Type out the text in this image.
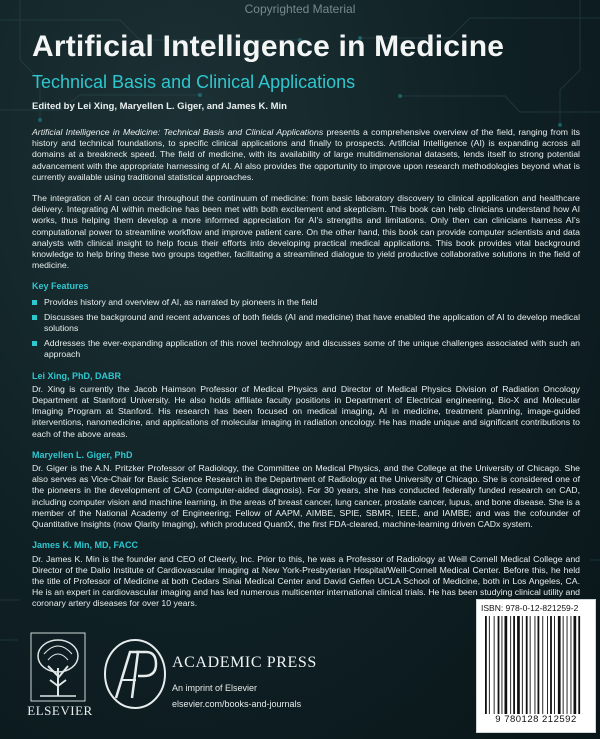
Copyrighted Material
Artificial Intelligence in Medicine
Technical Basis and Clinical Applications
Edited by Lei Xing, Maryellen L. Giger, and James K. Min

Artificial Intelligence in Medicine: Technical Basis and Clinical Applications presents a comprehensive overview of the field, ranging from its history and technical foundations, to specific clinical applications and finally to prospects. Artificial Intelligence (AI) is expanding across all domains at a breakneck speed. The field of medicine, with its availability of large multidimensional datasets, lends itself to strong potential advancement with the appropriate harnessing of AI. AI also provides the opportunity to improve upon research methodologies beyond what is currently available using traditional statistical approaches.

The integration of AI can occur throughout the continuum of medicine: from basic laboratory discovery to clinical application and healthcare delivery. Integrating AI within medicine has been met with both excitement and skepticism. This book can help clinicians understand how AI works, thus helping them develop a more informed appreciation for AI's strengths and limitations. Only then can clinicians harness AI's computational power to streamline workflow and improve patient care. On the other hand, this book can provide computer scientists and data analysts with clinical insight to help focus their efforts into developing practical medical applications. This book provides vital background knowledge to help bring these two groups together, facilitating a streamlined dialogue to yield productive collaborative solutions in the field of medicine.

Key Features
Provides history and overview of AI, as narrated by pioneers in the field
Discusses the background and recent advances of both fields (AI and medicine) that have enabled the application of AI to develop medical solutions
Addresses the ever-expanding application of this novel technology and discusses some of the unique challenges associated with such an approach
Lei Xing, PhD, DABR

Dr. Xing is currently the Jacob Haimson Professor of Medical Physics and Director of Medical Physics Division of Radiation Oncology Department at Stanford University. He also holds affiliate faculty positions in Department of Electrical engineering, Bio-X and Molecular Imaging Program at Stanford. His research has been focused on medical imaging, AI in medicine, treatment planning, image-guided interventions, nanomedicine, and applications of molecular imaging in radiation oncology. He has made unique and significant contributions to each of the above areas.

Maryellen L. Giger, PhD

Dr. Giger is the A.N. Pritzker Professor of Radiology, the Committee on Medical Physics, and the College at the University of Chicago. She also serves as Vice-Chair for Basic Science Research in the Department of Radiology at the University of Chicago. She is considered one of the pioneers in the development of CAD (computer-aided diagnosis). For 30 years, she has conducted federally funded research on CAD, including computer vision and machine learning, in the areas of breast cancer, lung cancer, prostate cancer, lupus, and bone disease. She is a member of the National Academy of Engineering; Fellow of AAPM, AIMBE, SPIE, SBMR, IEEE, and IAMBE; and was the cofounder of Quantitative Insights (now Qlarity Imaging), which produced QuantX, the first FDA-cleared, machine-learning driven CADx system.

James K. Min, MD, FACC

Dr. James K. Min is the founder and CEO of Cleerly, Inc. Prior to this, he was a Professor of Radiology at Weill Cornell Medical College and Director of the Dalio Institute of Cardiovascular Imaging at New York-Presbyterian Hospital/Weill-Cornell Medical Center. Before this, he held the title of Professor of Medicine at both Cedars Sinai Medical Center and David Geffen UCLA School of Medicine, both in Los Angeles, CA. He is an expert in cardiovascular imaging and has led numerous multicenter international clinical trials. He has been studying clinical utility and coronary artery diseases for over 10 years.

ELSEVIER
ACADEMIC PRESS
An imprint of Elsevier
elsevier.com/books-and-journals
ISBN: 978-0-12-821259-2
9 780128 212592
